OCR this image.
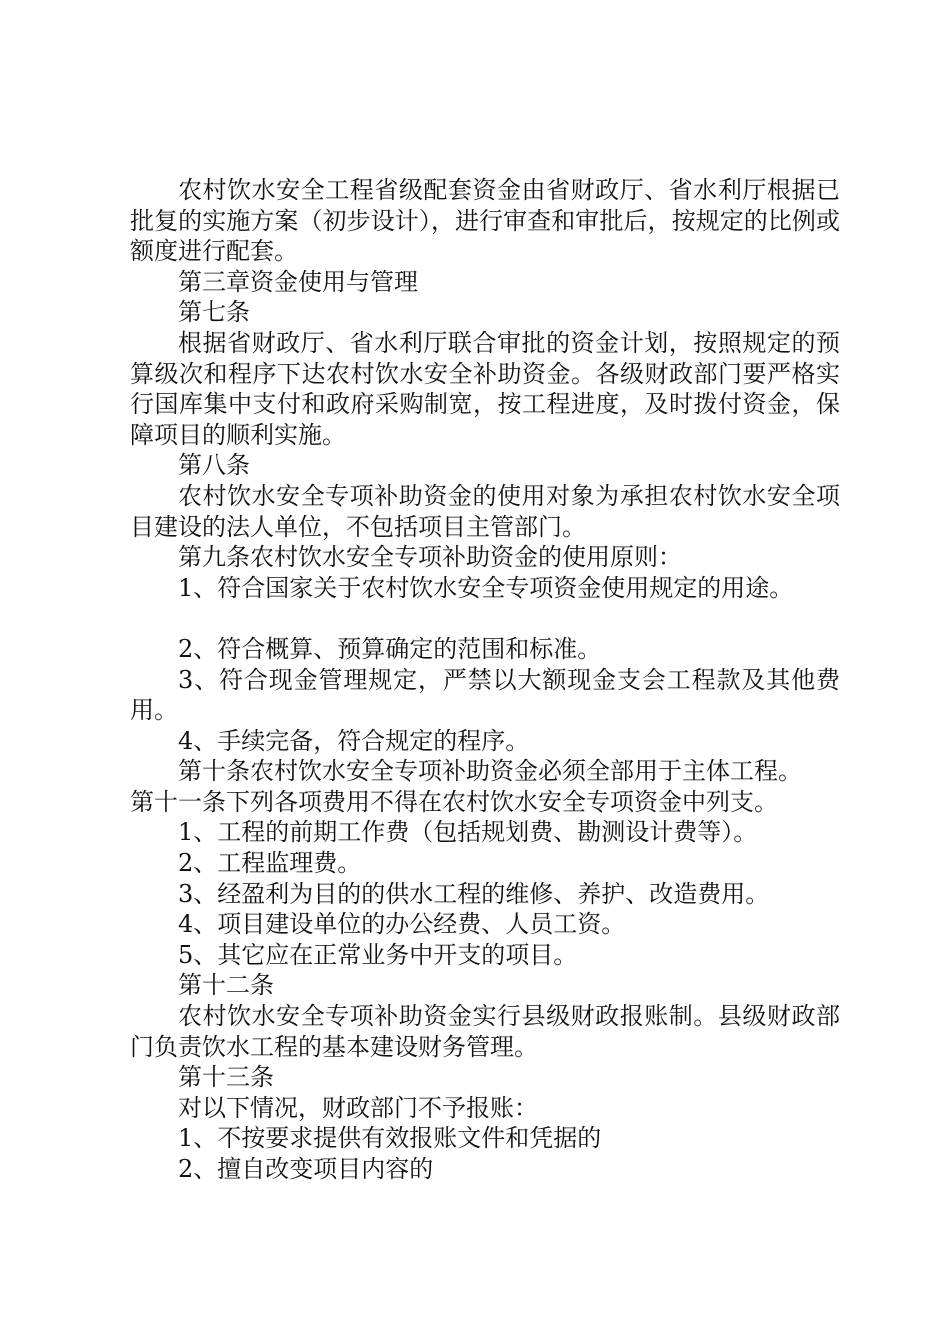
农村饮水安全工程省级配套资金由省财政厅、省水利厅根据已批复的实施方案（初步设计），进行审查和审批后，按规定的比例或额度进行配套。

第三章资金使用与管理

第七条

根据省财政厅、省水利厅联合审批的资金计划，按照规定的预算级次和程序下达农村饮水安全补助资金。各级财政部门要严格实行国库集中支付和政府采购制宽，按工程进度，及时拨付资金，保障项目的顺利实施。

第八条

农村饮水安全专项补助资金的使用对象为承担农村饮水安全项目建设的法人单位，不包括项目主管部门。

第九条农村饮水安全专项补助资金的使用原则：

1、符合国家关于农村饮水安全专项资金使用规定的用途。

2、符合概算、预算确定的范围和标准。

3、符合现金管理规定，严禁以大额现金支会工程款及其他费用。

4、手续完备，符合规定的程序。

第十条农村饮水安全专项补助资金必须全部用于主体工程。

第十一条下列各项费用不得在农村饮水安全专项资金中列支。

1、工程的前期工作费（包括规划费、勘测设计费等）。

2、工程监理费。

3、经盈利为目的的供水工程的维修、养护、改造费用。

4、项目建设单位的办公经费、人员工资。

5、其它应在正常业务中开支的项目。

第十二条

农村饮水安全专项补助资金实行县级财政报账制。县级财政部门负责饮水工程的基本建设财务管理。

第十三条

对以下情况，财政部门不予报账：

1、不按要求提供有效报账文件和凭据的

2、擅自改变项目内容的
